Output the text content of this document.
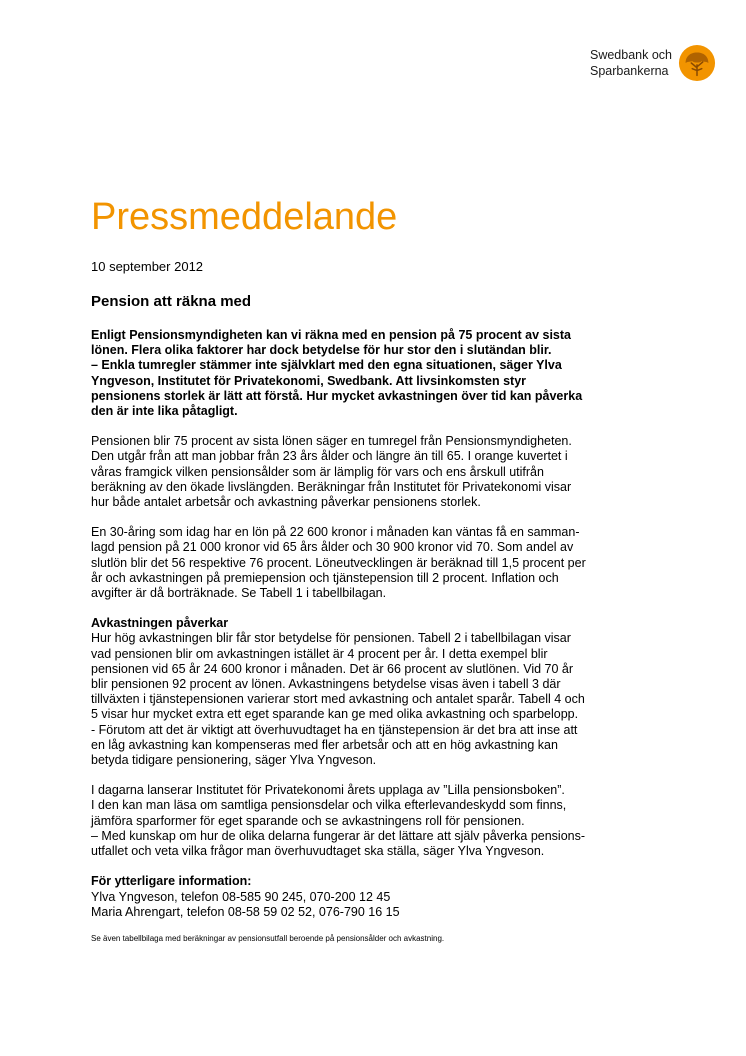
Swedbank och
Sparbankerna
Pressmeddelande
10 september 2012
Pension att räkna med
Enligt Pensionsmyndigheten kan vi räkna med en pension på 75 procent av sista
lönen. Flera olika faktorer har dock betydelse för hur stor den i slutändan blir.
– Enkla tumregler stämmer inte självklart med den egna situationen, säger Ylva
Yngveson, Institutet för Privatekonomi, Swedbank. Att livsinkomsten styr
pensionens storlek är lätt att förstå. Hur mycket avkastningen över tid kan påverka
den är inte lika påtagligt.
Pensionen blir 75 procent av sista lönen säger en tumregel från Pensionsmyndigheten.
Den utgår från att man jobbar från 23 års ålder och längre än till 65. I orange kuvertet i
våras framgick vilken pensionsålder som är lämplig för vars och ens årskull utifrån
beräkning av den ökade livslängden. Beräkningar från Institutet för Privatekonomi visar
hur både antalet arbetsår och avkastning påverkar pensionens storlek.
En 30-åring som idag har en lön på 22 600 kronor i månaden kan väntas få en samman-
lagd pension på 21 000 kronor vid 65 års ålder och 30 900 kronor vid 70. Som andel av
slutlön blir det 56 respektive 76 procent. Löneutvecklingen är beräknad till 1,5 procent per
år och avkastningen på premiepension och tjänstepension till 2 procent. Inflation och
avgifter är då borträknade. Se Tabell 1 i tabellbilagan.
Avkastningen påverkar
Hur hög avkastningen blir får stor betydelse för pensionen. Tabell 2 i tabellbilagan visar
vad pensionen blir om avkastningen istället är 4 procent per år. I detta exempel blir
pensionen vid 65 år 24 600 kronor i månaden. Det är 66 procent av slutlönen. Vid 70 år
blir pensionen 92 procent av lönen. Avkastningens betydelse visas även i tabell 3 där
tillväxten i tjänstepensionen varierar stort med avkastning och antalet sparår. Tabell 4 och
5 visar hur mycket extra ett eget sparande kan ge med olika avkastning och sparbelopp.
- Förutom att det är viktigt att överhuvudtaget ha en tjänstepension är det bra att inse att
en låg avkastning kan kompenseras med fler arbetsår och att en hög avkastning kan
betyda tidigare pensionering, säger Ylva Yngveson.
I dagarna lanserar Institutet för Privatekonomi årets upplaga av ”Lilla pensionsboken”.
I den kan man läsa om samtliga pensionsdelar och vilka efterlevandeskydd som finns,
jämföra sparformer för eget sparande och se avkastningens roll för pensionen.
– Med kunskap om hur de olika delarna fungerar är det lättare att själv påverka pensions-
utfallet och veta vilka frågor man överhuvudtaget ska ställa, säger Ylva Yngveson.
För ytterligare information:
Ylva Yngveson, telefon 08-585 90 245, 070-200 12 45
Maria Ahrengart, telefon 08-58 59 02 52, 076-790 16 15
Se även tabellbilaga med beräkningar av pensionsutfall beroende på pensionsålder och avkastning.
